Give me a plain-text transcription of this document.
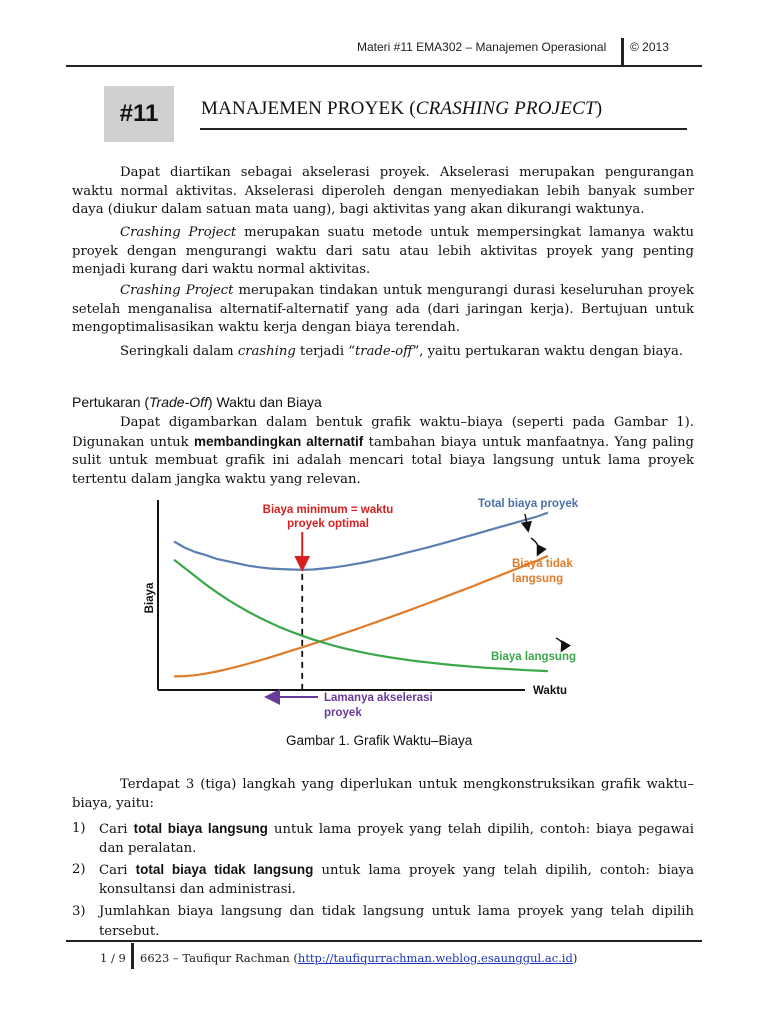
Materi #11 EMA302 – Manajemen Operasional © 2013
#11 MANAJEMEN PROYEK (CRASHING PROJECT)
Dapat diartikan sebagai akselerasi proyek. Akselerasi merupakan pengurangan waktu normal aktivitas. Akselerasi diperoleh dengan menyediakan lebih banyak sumber daya (diukur dalam satuan mata uang), bagi aktivitas yang akan dikurangi waktunya.
Crashing Project merupakan suatu metode untuk mempersingkat lamanya waktu proyek dengan mengurangi waktu dari satu atau lebih aktivitas proyek yang penting menjadi kurang dari waktu normal aktivitas.
Crashing Project merupakan tindakan untuk mengurangi durasi keseluruhan proyek setelah menganalisa alternatif-alternatif yang ada (dari jaringan kerja). Bertujuan untuk mengoptimalisasikan waktu kerja dengan biaya terendah.
Seringkali dalam crashing terjadi “trade-off”, yaitu pertukaran waktu dengan biaya.
Pertukaran (Trade-Off) Waktu dan Biaya
Dapat digambarkan dalam bentuk grafik waktu–biaya (seperti pada Gambar 1). Digunakan untuk membandingkan alternatif tambahan biaya untuk manfaatnya. Yang paling sulit untuk membuat grafik ini adalah mencari total biaya langsung untuk lama proyek tertentu dalam jangka waktu yang relevan.
Biaya
Waktu
Biaya minimum = waktu
proyek optimal
Total biaya proyek
Biaya tidak
langsung
Biaya langsung
Lamanya akselerasi
proyek
Gambar 1. Grafik Waktu–Biaya
Terdapat 3 (tiga) langkah yang diperlukan untuk mengkonstruksikan grafik waktu–biaya, yaitu:
1) Cari total biaya langsung untuk lama proyek yang telah dipilih, contoh: biaya pegawai dan peralatan.
2) Cari total biaya tidak langsung untuk lama proyek yang telah dipilih, contoh: biaya konsultansi dan administrasi.
3) Jumlahkan biaya langsung dan tidak langsung untuk lama proyek yang telah dipilih tersebut.
1 / 9 6623 – Taufiqur Rachman (http://taufiqurrachman.weblog.esaunggul.ac.id)
